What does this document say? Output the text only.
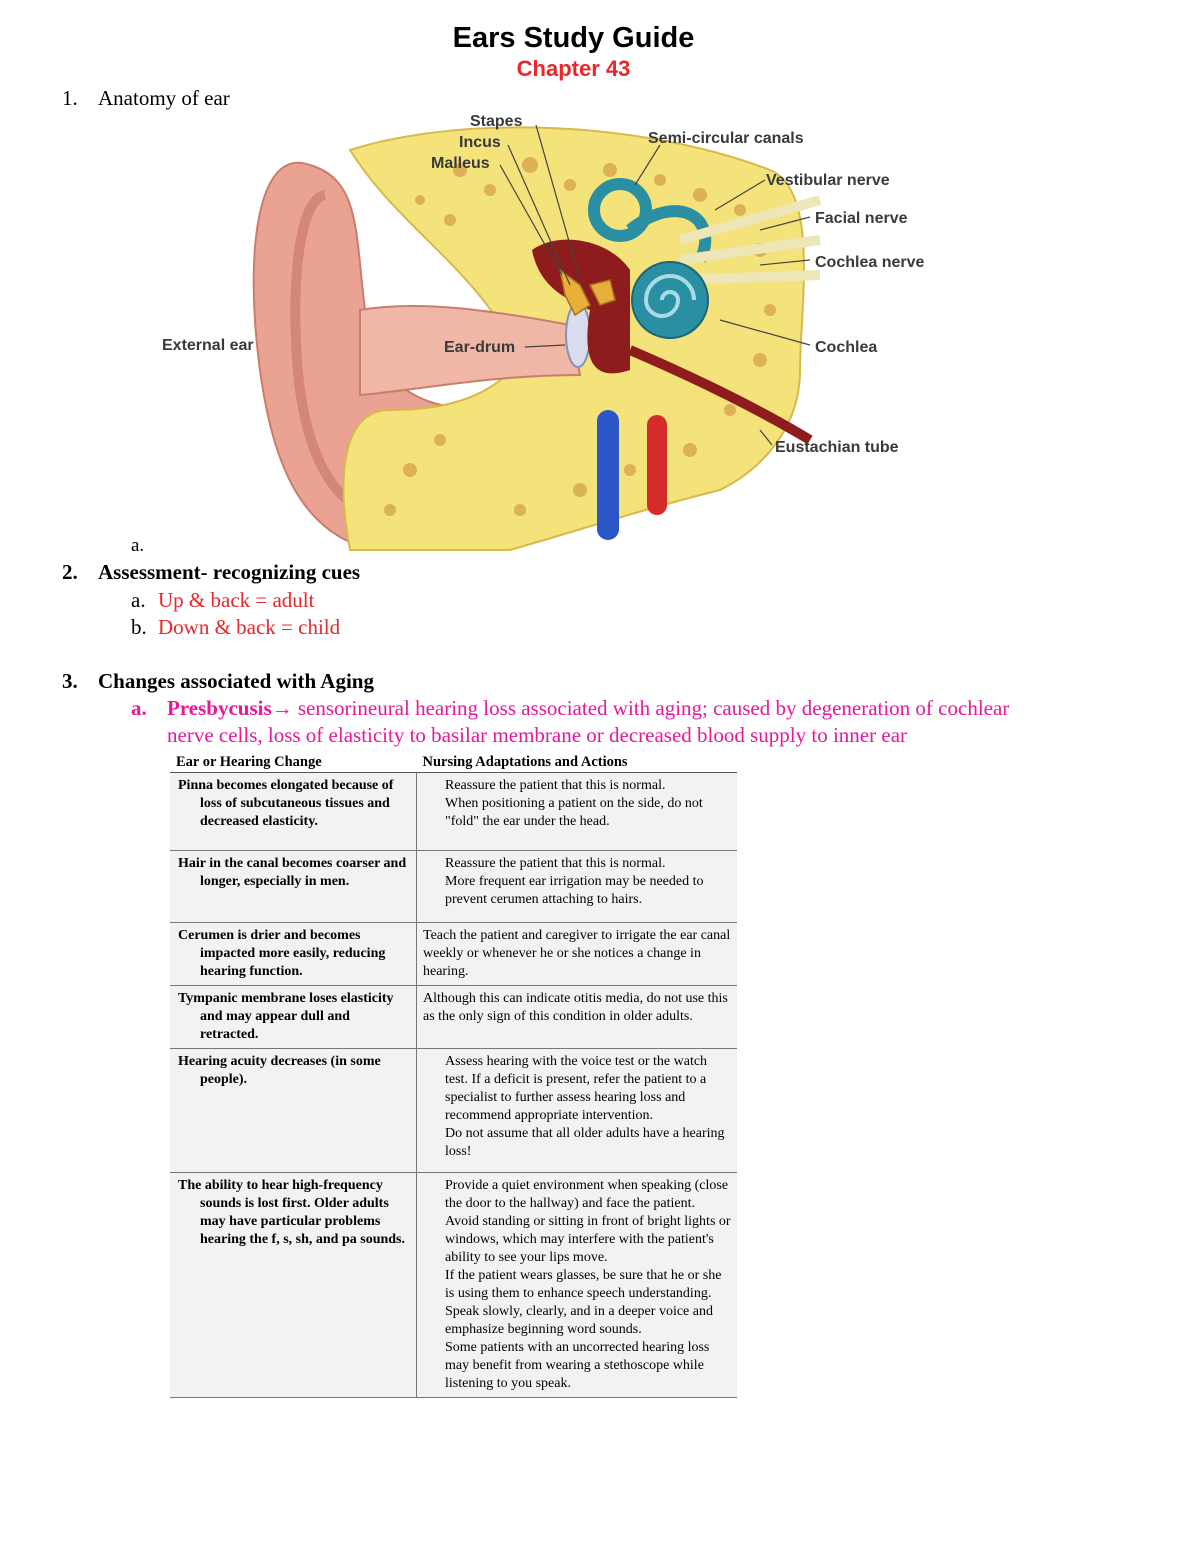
Ears Study Guide
Chapter 43
1. Anatomy of ear
Stapes
Incus
Malleus
Semi-circular canals
Vestibular nerve
Facial nerve
Cochlea nerve
External ear	Ear-drum	Cochlea
Eustachian tube
a.
2. Assessment- recognizing cues
a. Up & back = adult
b. Down & back = child
3. Changes associated with Aging
a. Presbycusis→ sensorineural hearing loss associated with aging; caused by degeneration of cochlear
nerve cells, loss of elasticity to basilar membrane or decreased blood supply to inner ear
Ear or Hearing Change	Nursing Adaptations and Actions

Pinna becomes elongated because of loss of subcutaneous tissues and decreased elasticity.	Reassure the patient that this is normal.
When positioning a patient on the side, do not "fold" the ear under the head.

Hair in the canal becomes coarser and longer, especially in men.	Reassure the patient that this is normal.
More frequent ear irrigation may be needed to prevent cerumen attaching to hairs.

Cerumen is drier and becomes impacted more easily, reducing hearing function.	Teach the patient and caregiver to irrigate the ear canal weekly or whenever he or she notices a change in hearing.

Tympanic membrane loses elasticity and may appear dull and retracted.	Although this can indicate otitis media, do not use this as the only sign of this condition in older adults.

Hearing acuity decreases (in some people).	Assess hearing with the voice test or the watch test. If a deficit is present, refer the patient to a specialist to further assess hearing loss and recommend appropriate intervention.
Do not assume that all older adults have a hearing loss!

The ability to hear high-frequency sounds is lost first. Older adults may have particular problems hearing the f, s, sh, and pa sounds.	Provide a quiet environment when speaking (close the door to the hallway) and face the patient.
Avoid standing or sitting in front of bright lights or windows, which may interfere with the patient's ability to see your lips move.
If the patient wears glasses, be sure that he or she is using them to enhance speech understanding.
Speak slowly, clearly, and in a deeper voice and emphasize beginning word sounds.
Some patients with an uncorrected hearing loss may benefit from wearing a stethoscope while listening to you speak.
